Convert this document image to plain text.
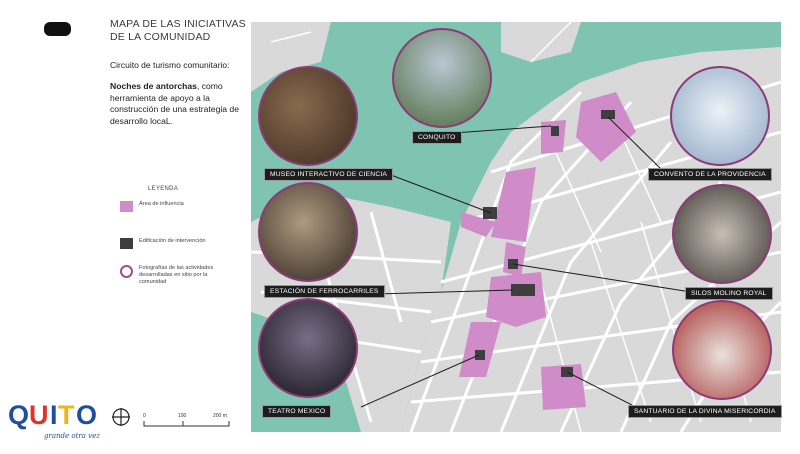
MAPA DE LAS INICIATIVAS
DE LA COMUNIDAD
Circuito de turismo comunitario:
Noches de antorchas, como herramienta de apoyo a la construcción de una estrategia de desarrollo locaL.
LEYENDA
Área de influencia
Edificación de intervención
Fotografías de las actividades desarrolladas en sitio por la comunidad
Q U I T O
grande otra vez
0	100	200 m
CONQUITO
CONVENTO DE LA PROVIDENCIA
MUSEO INTERACTIVO DE CIENCIA
SILOS MOLINO ROYAL
ESTACIÓN DE FERROCARRILES
TEATRO MEXICO	SANTUARIO DE LA DIVINA MISERICORDIA
